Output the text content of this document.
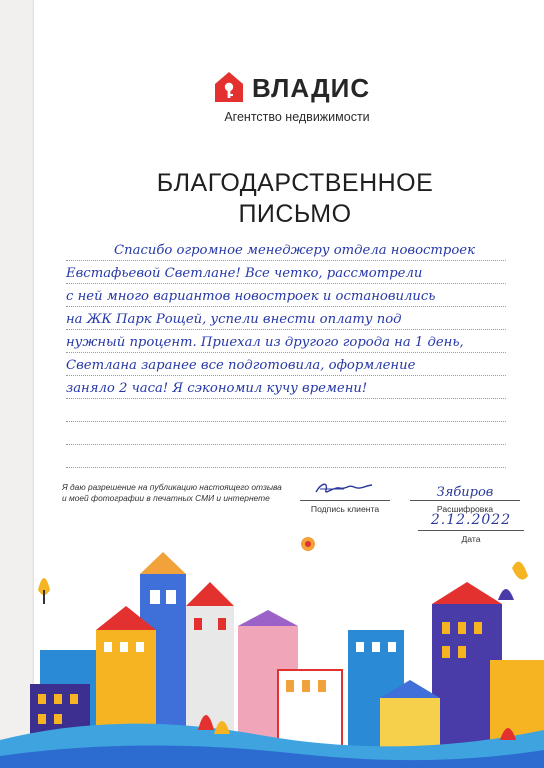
ВЛАДИС
Агентство недвижимости
БЛАГОДАРСТВЕННОЕ
ПИСЬМО
Спасибо огромное менеджеру отдела новостроек
Евстафьевой Светлане! Все четко, рассмотрели
с ней много вариантов новостроек и остановились
на ЖК Парк Рощей, успели внести оплату под
нужный процент. Приехал из другого города на 1 день,
Светлана заранее все подготовила, оформление
заняло 2 часа! Я сэкономил кучу времени!
Я даю разрешение на публикацию настоящего отзыва
и моей фотографии в печатных СМИ и интернете
Подпись клиента
Зябиров
Расшифровка
2.12.2022
Дата
